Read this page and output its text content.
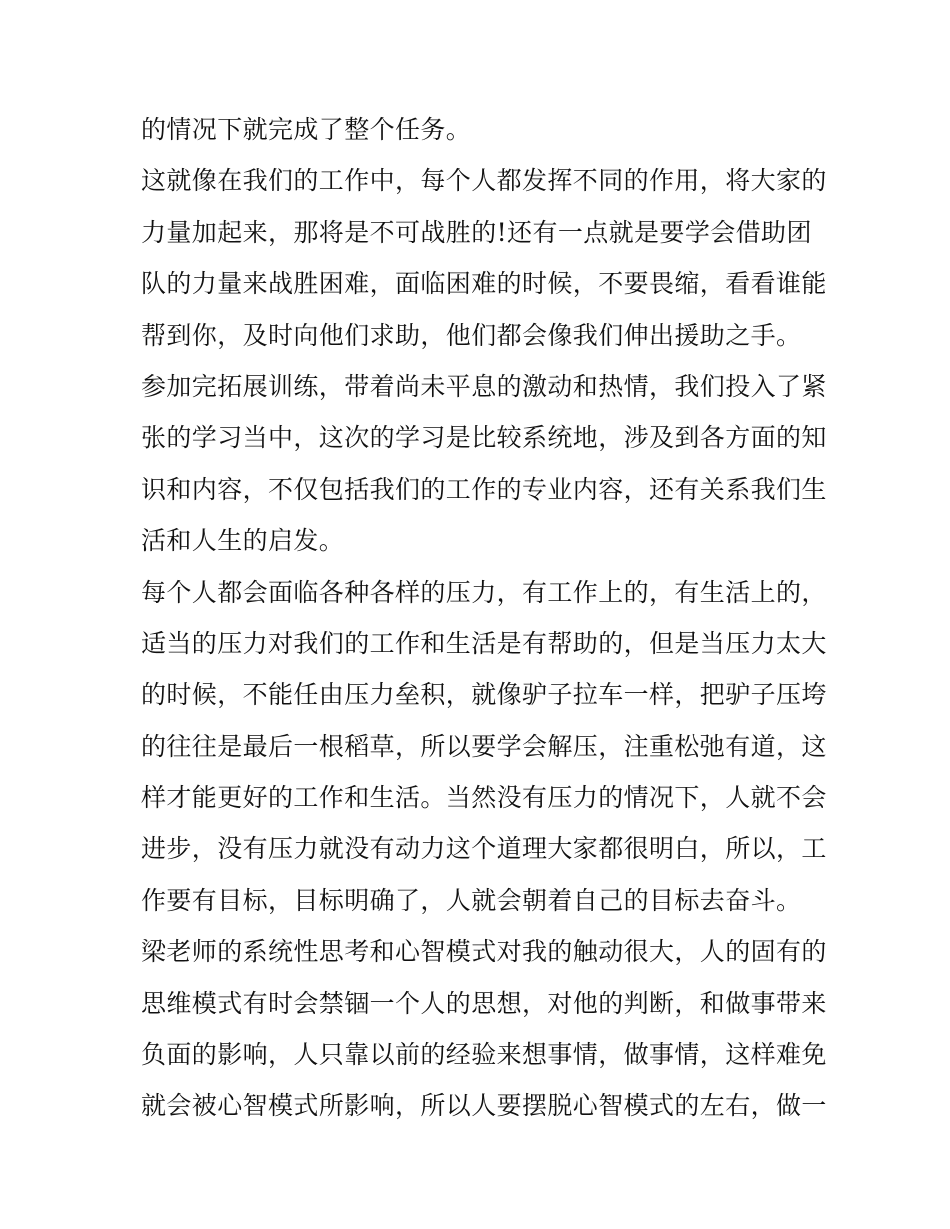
的情况下就完成了整个任务。
这就像在我们的工作中，每个人都发挥不同的作用，将大家的
力量加起来，那将是不可战胜的!还有一点就是要学会借助团
队的力量来战胜困难，面临困难的时候，不要畏缩，看看谁能
帮到你，及时向他们求助，他们都会像我们伸出援助之手。
参加完拓展训练，带着尚未平息的激动和热情，我们投入了紧
张的学习当中，这次的学习是比较系统地，涉及到各方面的知
识和内容，不仅包括我们的工作的专业内容，还有关系我们生
活和人生的启发。
每个人都会面临各种各样的压力，有工作上的，有生活上的，
适当的压力对我们的工作和生活是有帮助的，但是当压力太大
的时候，不能任由压力垒积，就像驴子拉车一样，把驴子压垮
的往往是最后一根稻草，所以要学会解压，注重松弛有道，这
样才能更好的工作和生活。当然没有压力的情况下，人就不会
进步，没有压力就没有动力这个道理大家都很明白，所以，工
作要有目标，目标明确了，人就会朝着自己的目标去奋斗。
梁老师的系统性思考和心智模式对我的触动很大，人的固有的
思维模式有时会禁锢一个人的思想，对他的判断，和做事带来
负面的影响，人只靠以前的经验来想事情，做事情，这样难免
就会被心智模式所影响，所以人要摆脱心智模式的左右，做一
